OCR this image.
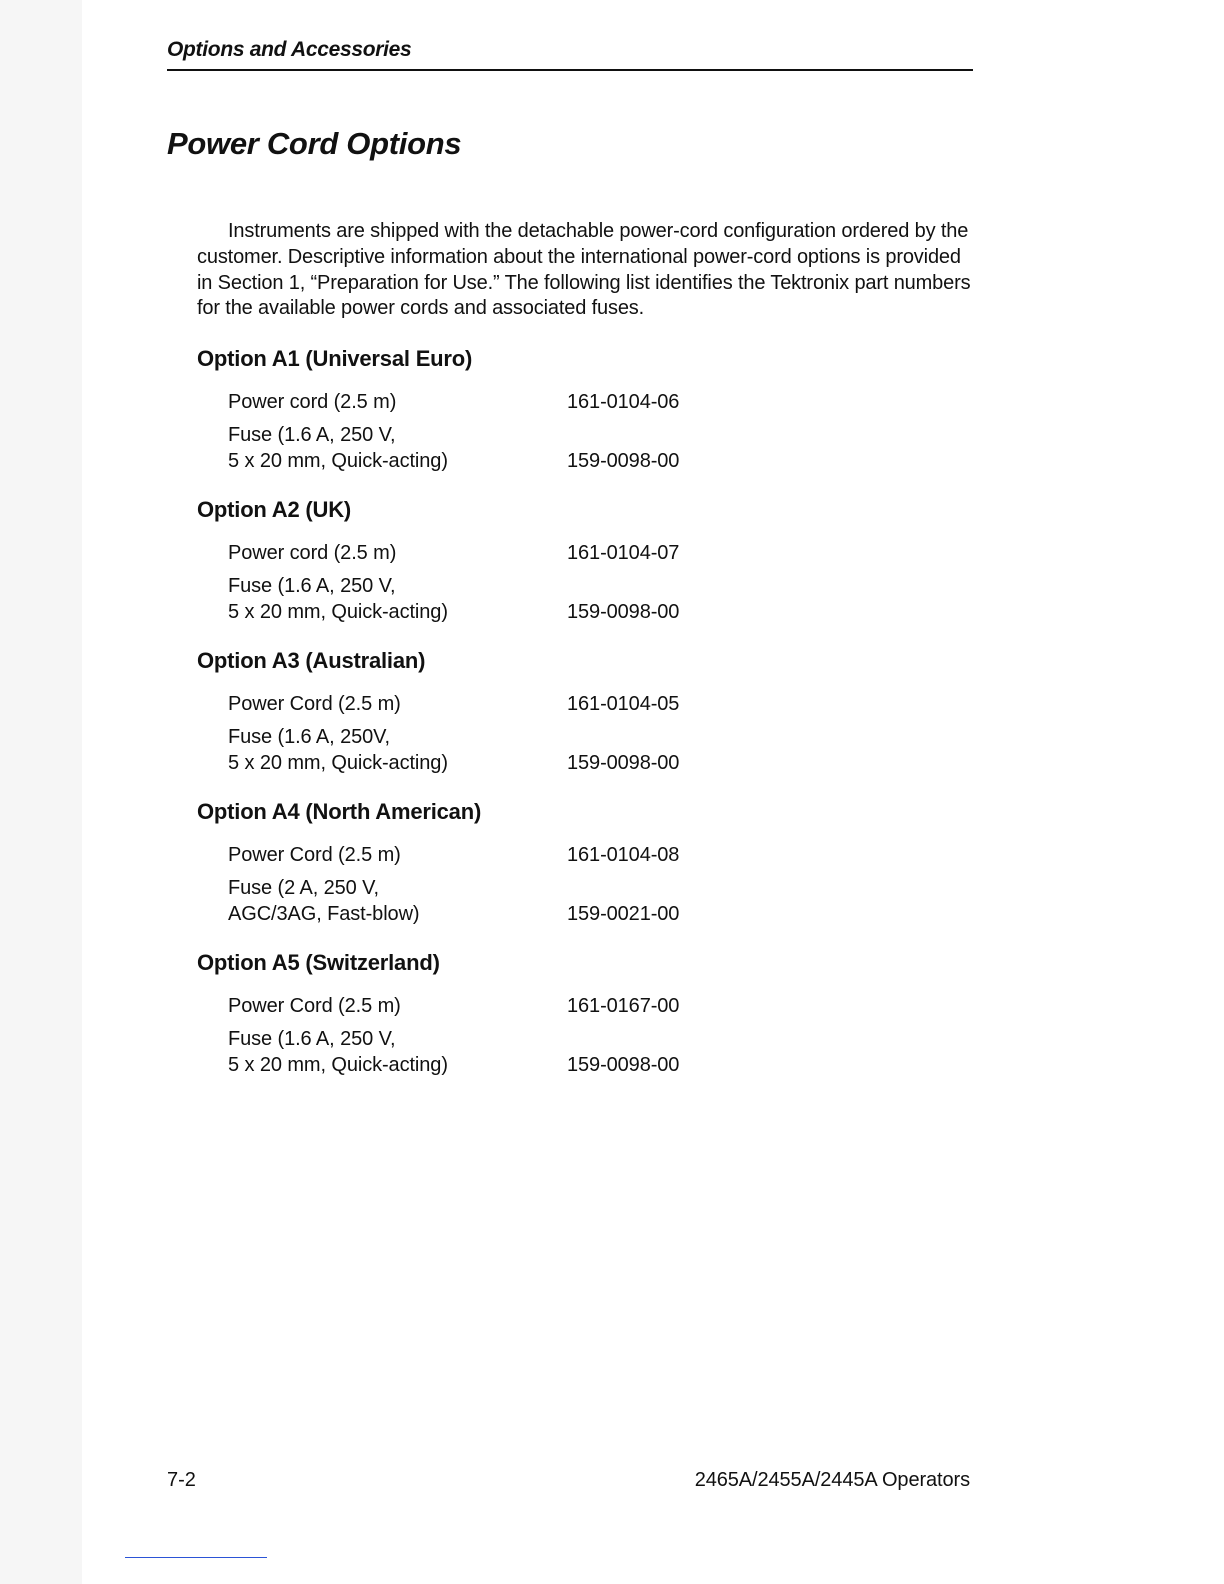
Options and Accessories
Power Cord Options

Instruments are shipped with the detachable power-cord configuration ordered by the customer. Descriptive information about the international power-cord options is provided in Section 1, “Preparation for Use.” The following list identifies the Tektronix part numbers for the available power cords and associated fuses.

Option A1 (Universal Euro)
Power cord (2.5 m)	161-0104-06
Fuse (1.6 A, 250 V,
5 x 20 mm, Quick-acting)	159-0098-00
Option A2 (UK)
Power cord (2.5 m)	161-0104-07
Fuse (1.6 A, 250 V,
5 x 20 mm, Quick-acting)	159-0098-00
Option A3 (Australian)
Power Cord (2.5 m)	161-0104-05
Fuse (1.6 A, 250V,
5 x 20 mm, Quick-acting)	159-0098-00
Option A4 (North American)
Power Cord (2.5 m)	161-0104-08
Fuse (2 A, 250 V,
AGC/3AG, Fast-blow)	159-0021-00
Option A5 (Switzerland)
Power Cord (2.5 m)	161-0167-00
Fuse (1.6 A, 250 V,
5 x 20 mm, Quick-acting)	159-0098-00
7-2	2465A/2455A/2445A Operators
